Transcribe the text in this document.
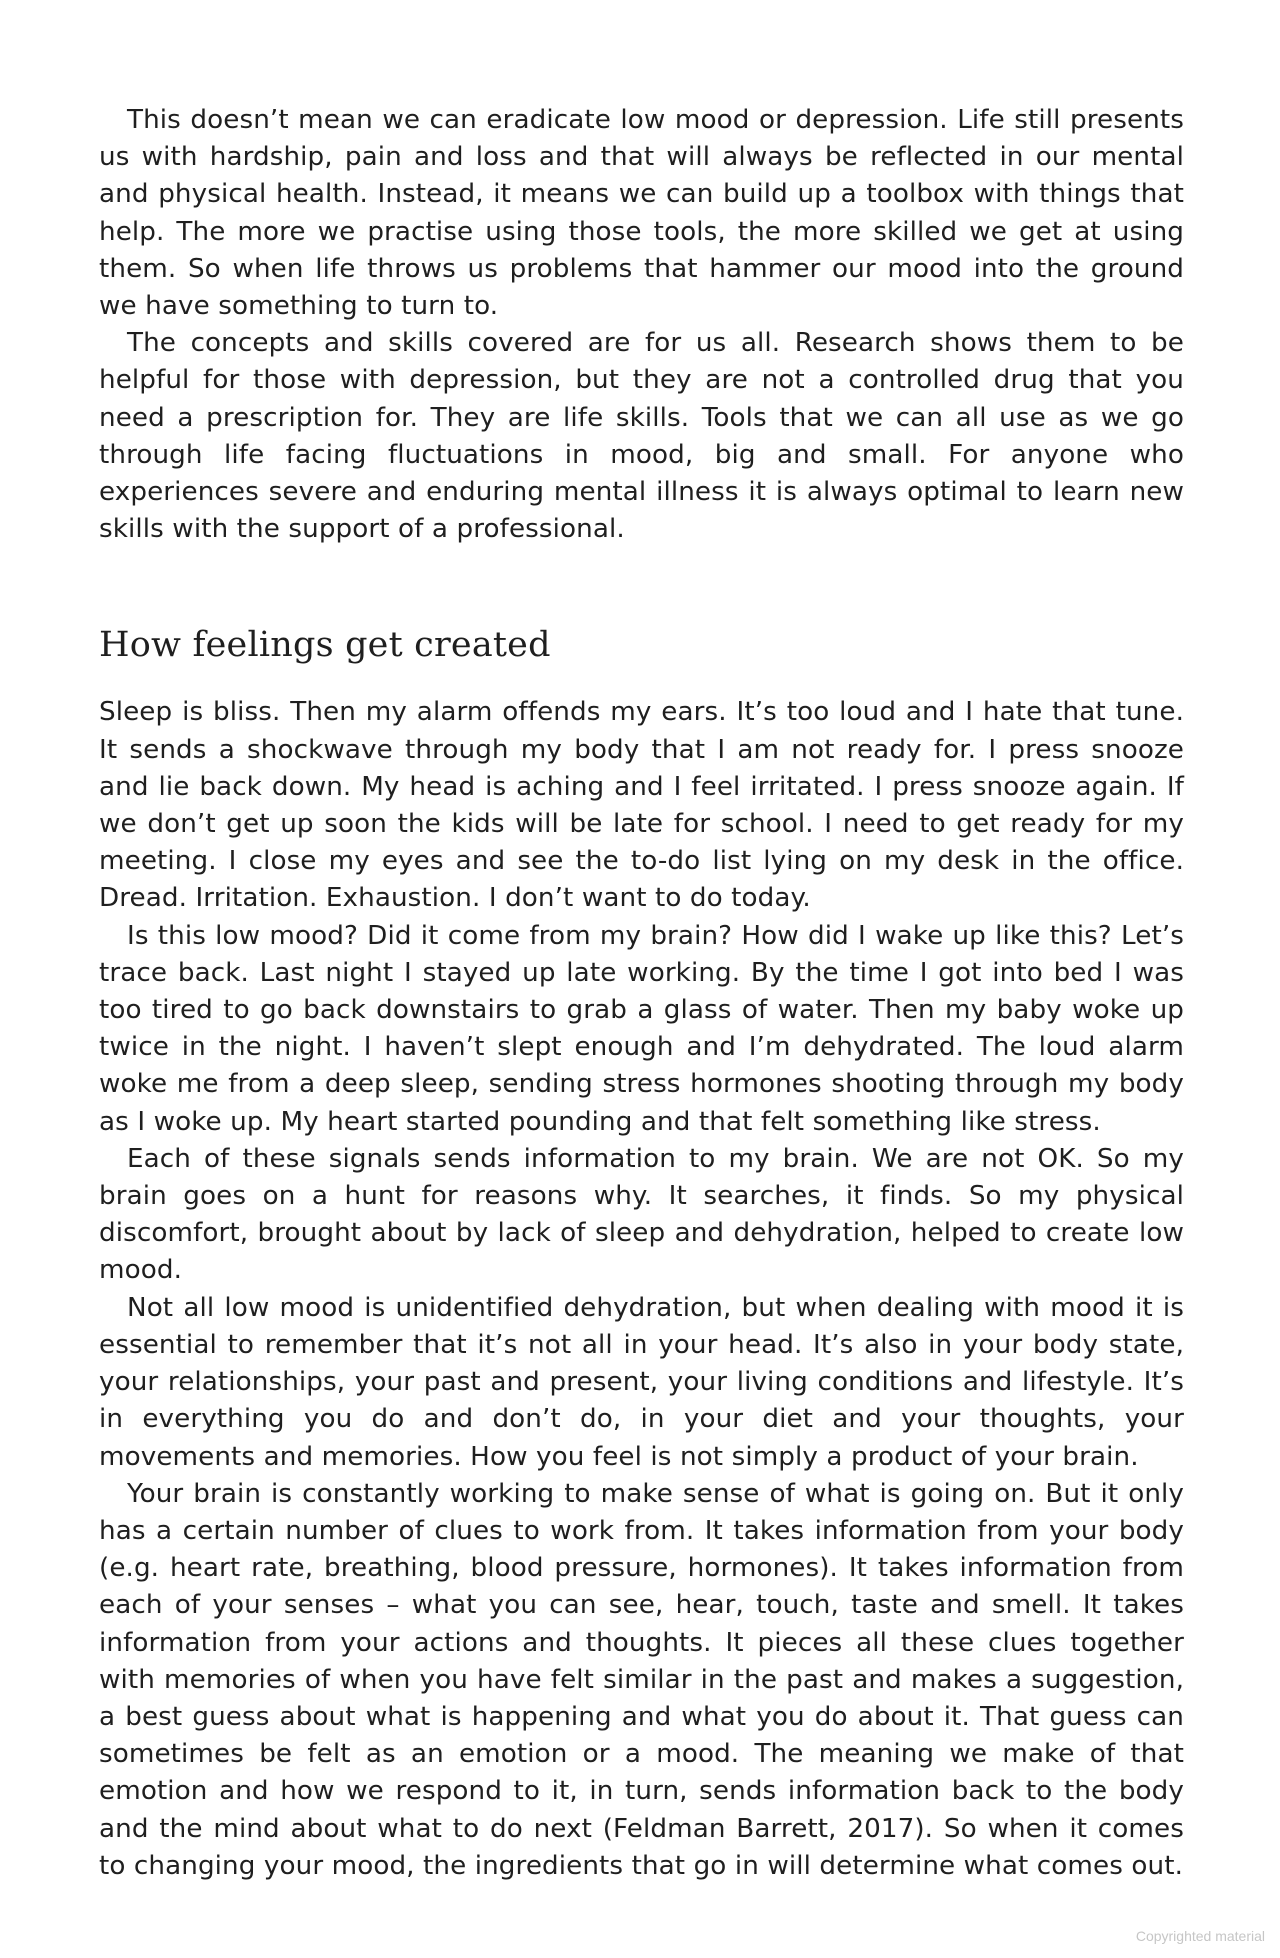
This doesn’t mean we can eradicate low mood or depression. Life still presents us with hardship, pain and loss and that will always be reflected in our mental and physical health. Instead, it means we can build up a toolbox with things that help. The more we practise using those tools, the more skilled we get at using them. So when life throws us problems that hammer our mood into the ground we have something to turn to.

The concepts and skills covered are for us all. Research shows them to be helpful for those with depression, but they are not a controlled drug that you need a prescription for. They are life skills. Tools that we can all use as we go through life facing fluctuations in mood, big and small. For anyone who experiences severe and enduring mental illness it is always optimal to learn new skills with the support of a professional.

How feelings get created

Sleep is bliss. Then my alarm offends my ears. It’s too loud and I hate that tune. It sends a shockwave through my body that I am not ready for. I press snooze and lie back down. My head is aching and I feel irritated. I press snooze again. If we don’t get up soon the kids will be late for school. I need to get ready for my meeting. I close my eyes and see the to-do list lying on my desk in the office. Dread. Irritation. Exhaustion. I don’t want to do today.

Is this low mood? Did it come from my brain? How did I wake up like this? Let’s trace back. Last night I stayed up late working. By the time I got into bed I was too tired to go back downstairs to grab a glass of water. Then my baby woke up twice in the night. I haven’t slept enough and I’m dehydrated. The loud alarm woke me from a deep sleep, sending stress hormones shooting through my body as I woke up. My heart started pounding and that felt something like stress.

Each of these signals sends information to my brain. We are not OK. So my brain goes on a hunt for reasons why. It searches, it finds. So my physical discomfort, brought about by lack of sleep and dehydration, helped to create low mood.

Not all low mood is unidentified dehydration, but when dealing with mood it is essential to remember that it’s not all in your head. It’s also in your body state, your relationships, your past and present, your living conditions and lifestyle. It’s in everything you do and don’t do, in your diet and your thoughts, your movements and memories. How you feel is not simply a product of your brain.

Your brain is constantly working to make sense of what is going on. But it only has a certain number of clues to work from. It takes information from your body (e.g. heart rate, breathing, blood pressure, hormones). It takes information from each of your senses – what you can see, hear, touch, taste and smell. It takes information from your actions and thoughts. It pieces all these clues together with memories of when you have felt similar in the past and makes a suggestion, a best guess about what is happening and what you do about it. That guess can sometimes be felt as an emotion or a mood. The meaning we make of that emotion and how we respond to it, in turn, sends information back to the body and the mind about what to do next (Feldman Barrett, 2017). So when it comes to changing your mood, the ingredients that go in will determine what comes out.

Copyrighted material
